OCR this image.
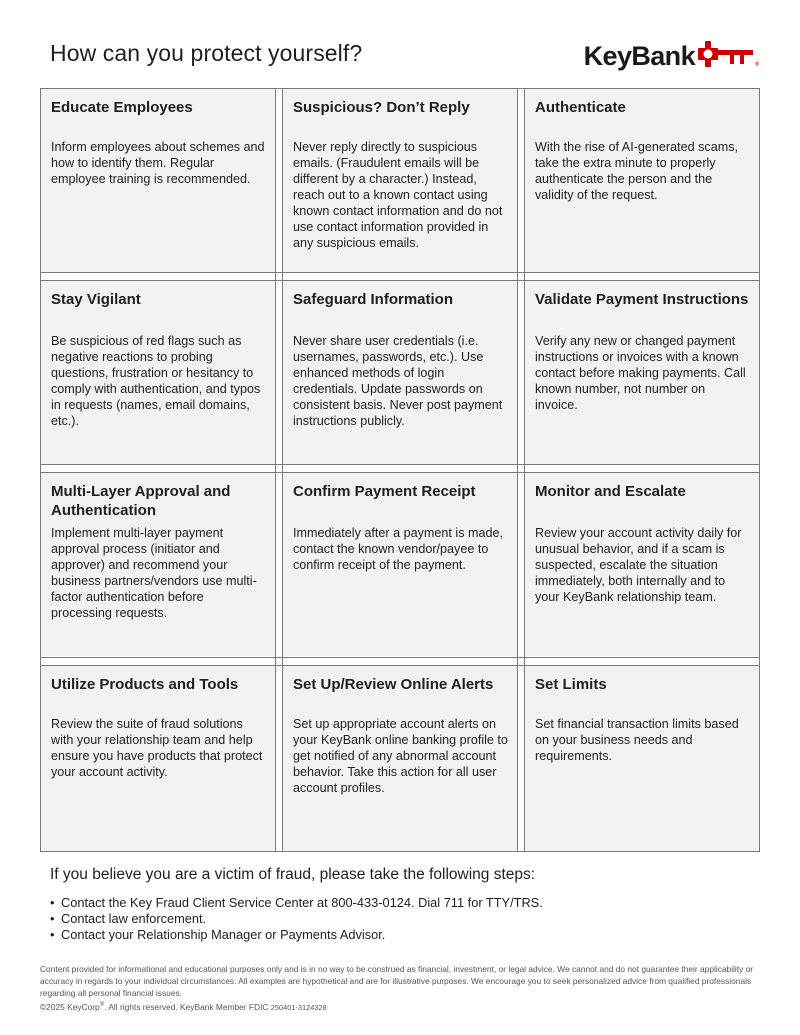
How can you protect yourself?	KeyBank	®
Educate Employees
Inform employees about schemes and how to identify them. Regular employee training is recommended.
Suspicious? Don’t Reply
Never reply directly to suspicious emails. (Fraudulent emails will be different by a character.) Instead, reach out to a known contact using known contact information and do not use contact information provided in any suspicious emails.
Authenticate
With the rise of AI-generated scams, take the extra minute to properly authenticate the person and the validity of the request.
Stay Vigilant
Be suspicious of red flags such as negative reactions to probing questions, frustration or hesitancy to comply with authentication, and typos in requests (names, email domains, etc.).
Safeguard Information
Never share user credentials (i.e. usernames, passwords, etc.). Use enhanced methods of login credentials. Update passwords on consistent basis. Never post payment instructions publicly.
Validate Payment Instructions
Verify any new or changed payment instructions or invoices with a known contact before making payments. Call known number, not number on invoice.
Multi-Layer Approval and Authentication
Implement multi-layer payment approval process (initiator and approver) and recommend your business partners/vendors use multi-factor authentication before processing requests.
Confirm Payment Receipt
Immediately after a payment is made, contact the known vendor/payee to confirm receipt of the payment.
Monitor and Escalate
Review your account activity daily for unusual behavior, and if a scam is suspected, escalate the situation immediately, both internally and to your KeyBank relationship team.
Utilize Products and Tools
Review the suite of fraud solutions with your relationship team and help ensure you have products that protect your account activity.
Set Up/Review Online Alerts
Set up appropriate account alerts on your KeyBank online banking profile to get notified of any abnormal account behavior. Take this action for all user account profiles.
Set Limits
Set financial transaction limits based on your business needs and requirements.
If you believe you are a victim of fraud, please take the following steps:
• Contact the Key Fraud Client Service Center at 800-433-0124. Dial 711 for TTY/TRS.
• Contact law enforcement.
• Contact your Relationship Manager or Payments Advisor.
Content provided for informational and educational purposes only and is in no way to be construed as financial, investment, or legal advice. We cannot and do not guarantee their applicability or accuracy in regards to your individual circumstances. All examples are hypothetical and are for illustrative purposes. We encourage you to seek personalized advice from qualified professionals regarding all personal financial issues.
©2025 KeyCorp®. All rights reserved. KeyBank Member FDIC 250401-3124328
